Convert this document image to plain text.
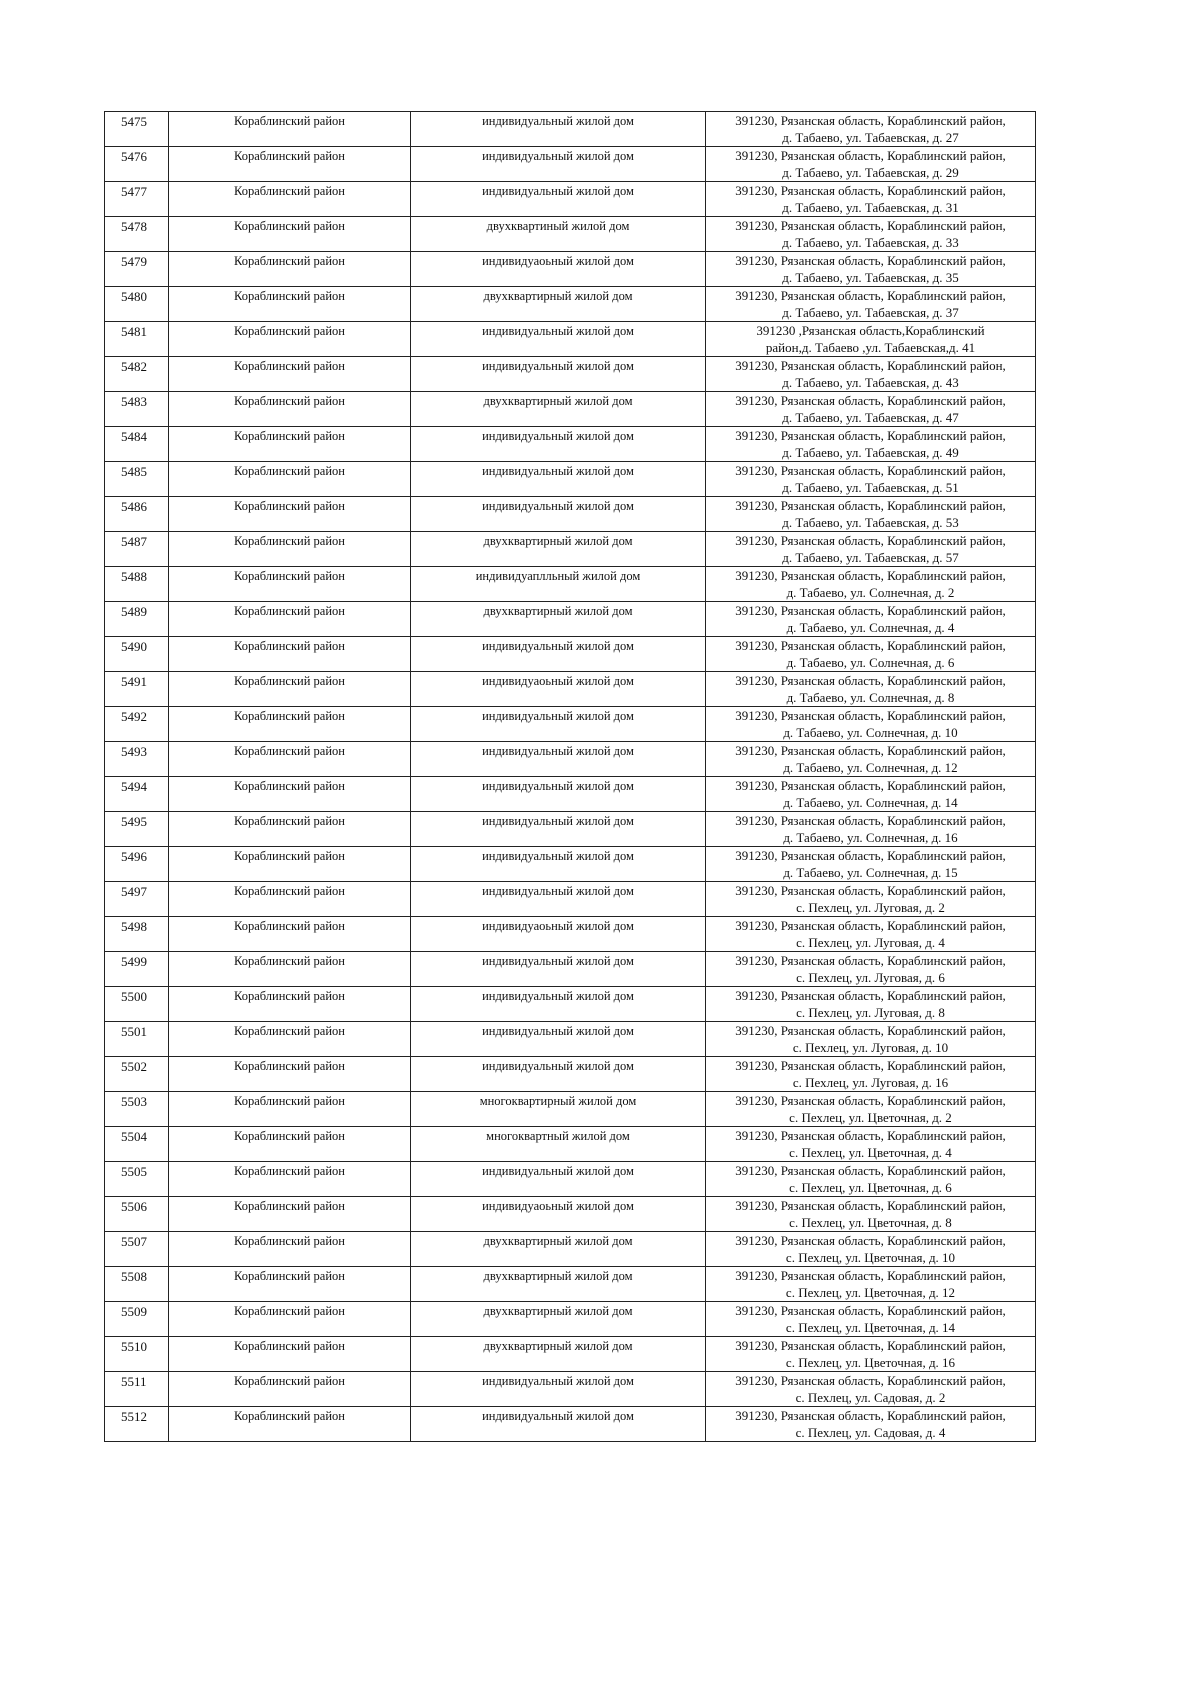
5475	Кораблинский район	индивидуальный жилой дом	391230, Рязанская область, Кораблинский район,
д. Табаево, ул. Табаевская, д. 27

5476	Кораблинский район	индивидуальный жилой дом	391230, Рязанская область, Кораблинский район,
д. Табаево, ул. Табаевская, д. 29

5477	Кораблинский район	индивидуальный жилой дом	391230, Рязанская область, Кораблинский район,
д. Табаево, ул. Табаевская, д. 31

5478	Кораблинский район	двухквартиный жилой дом	391230, Рязанская область, Кораблинский район,
д. Табаево, ул. Табаевская, д. 33

5479	Кораблинский район	индивидуаоьный жилой дом	391230, Рязанская область, Кораблинский район,
д. Табаево, ул. Табаевская, д. 35

5480	Кораблинский район	двухквартирный жилой дом	391230, Рязанская область, Кораблинский район,
д. Табаево, ул. Табаевская, д. 37

5481	Кораблинский район	индивидуальный жилой дом	391230 ,Рязанская область,Кораблинский
район,д. Табаево ,ул. Табаевская,д. 41

5482	Кораблинский район	индивидуальный жилой дом	391230, Рязанская область, Кораблинский район,
д. Табаево, ул. Табаевская, д. 43

5483	Кораблинский район	двухквартирный жилой дом	391230, Рязанская область, Кораблинский район,
д. Табаево, ул. Табаевская, д. 47

5484	Кораблинский район	индивидуальный жилой дом	391230, Рязанская область, Кораблинский район,
д. Табаево, ул. Табаевская, д. 49

5485	Кораблинский район	индивидуальный жилой дом	391230, Рязанская область, Кораблинский район,
д. Табаево, ул. Табаевская, д. 51

5486	Кораблинский район	индивидуальный жилой дом	391230, Рязанская область, Кораблинский район,
д. Табаево, ул. Табаевская, д. 53

5487	Кораблинский район	двухквартирный жилой дом	391230, Рязанская область, Кораблинский район,
д. Табаево, ул. Табаевская, д. 57

5488	Кораблинский район	индивидуаплльный жилой дом	391230, Рязанская область, Кораблинский район,
д. Табаево, ул. Солнечная, д. 2

5489	Кораблинский район	двухквартирный жилой дом	391230, Рязанская область, Кораблинский район,
д. Табаево, ул. Солнечная, д. 4

5490	Кораблинский район	индивидуальный жилой дом	391230, Рязанская область, Кораблинский район,
д. Табаево, ул. Солнечная, д. 6

5491	Кораблинский район	индивидуаоьный жилой дом	391230, Рязанская область, Кораблинский район,
д. Табаево, ул. Солнечная, д. 8

5492	Кораблинский район	индивидуальный жилой дом	391230, Рязанская область, Кораблинский район,
д. Табаево, ул. Солнечная, д. 10

5493	Кораблинский район	индивидуальный жилой дом	391230, Рязанская область, Кораблинский район,
д. Табаево, ул. Солнечная, д. 12

5494	Кораблинский район	индивидуальный жилой дом	391230, Рязанская область, Кораблинский район,
д. Табаево, ул. Солнечная, д. 14

5495	Кораблинский район	индивидуальный жилой дом	391230, Рязанская область, Кораблинский район,
д. Табаево, ул. Солнечная, д. 16

5496	Кораблинский район	индивидуальный жилой дом	391230, Рязанская область, Кораблинский район,
д. Табаево, ул. Солнечная, д. 15

5497	Кораблинский район	индивидуальный жилой дом	391230, Рязанская область, Кораблинский район,
с. Пехлец, ул. Луговая, д. 2

5498	Кораблинский район	индивидуаоьный жилой дом	391230, Рязанская область, Кораблинский район,
с. Пехлец, ул. Луговая, д. 4

5499	Кораблинский район	индивидуальный жилой дом	391230, Рязанская область, Кораблинский район,
с. Пехлец, ул. Луговая, д. 6

5500	Кораблинский район	индивидуальный жилой дом	391230, Рязанская область, Кораблинский район,
с. Пехлец, ул. Луговая, д. 8

5501	Кораблинский район	индивидуальный жилой дом	391230, Рязанская область, Кораблинский район,
с. Пехлец, ул. Луговая, д. 10

5502	Кораблинский район	индивидуальный жилой дом	391230, Рязанская область, Кораблинский район,
с. Пехлец, ул. Луговая, д. 16

5503	Кораблинский район	многоквартирный жилой дом	391230, Рязанская область, Кораблинский район,
с. Пехлец, ул. Цветочная, д. 2

5504	Кораблинский район	многоквартный жилой дом	391230, Рязанская область, Кораблинский район,
с. Пехлец, ул. Цветочная, д. 4

5505	Кораблинский район	индивидуальный жилой дом	391230, Рязанская область, Кораблинский район,
с. Пехлец, ул. Цветочная, д. 6

5506	Кораблинский район	индивидуаоьный жилой дом	391230, Рязанская область, Кораблинский район,
с. Пехлец, ул. Цветочная, д. 8

5507	Кораблинский район	двухквартирный жилой дом	391230, Рязанская область, Кораблинский район,
с. Пехлец, ул. Цветочная, д. 10

5508	Кораблинский район	двухквартирный жилой дом	391230, Рязанская область, Кораблинский район,
с. Пехлец, ул. Цветочная, д. 12

5509	Кораблинский район	двухквартирный жилой дом	391230, Рязанская область, Кораблинский район,
с. Пехлец, ул. Цветочная, д. 14

5510	Кораблинский район	двухквартирный жилой дом	391230, Рязанская область, Кораблинский район,
с. Пехлец, ул. Цветочная, д. 16

5511	Кораблинский район	индивидуальный жилой дом	391230, Рязанская область, Кораблинский район,
с. Пехлец, ул. Садовая, д. 2

5512	Кораблинский район	индивидуальный жилой дом	391230, Рязанская область, Кораблинский район,
с. Пехлец, ул. Садовая, д. 4
